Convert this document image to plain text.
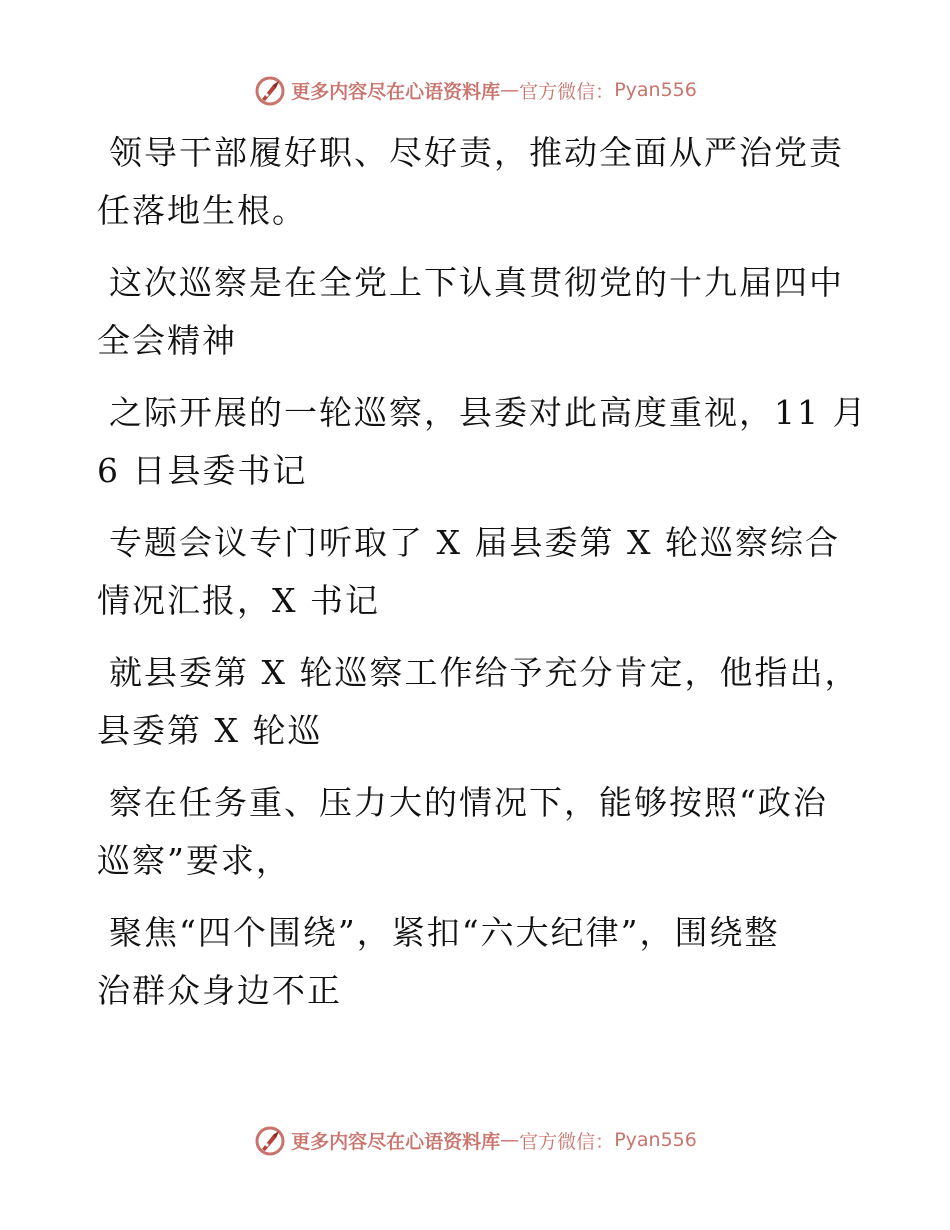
更多内容尽在心语资料库 — 官方微信： Pyan556

领导干部履好职、尽好责，推动全面从严治党责
任落地生根。

这次巡察是在全党上下认真贯彻党的十九届四中
全会精神

之际开展的一轮巡察，县委对此高度重视，11 月
6 日县委书记

专题会议专门听取了 X 届县委第 X 轮巡察综合
情况汇报，X 书记

就县委第 X 轮巡察工作给予充分肯定，他指出，
县委第 X 轮巡

察在任务重、压力大的情况下，能够按照“政治
巡察”要求，

聚焦“四个围绕”，紧扣“六大纪律”，围绕整
治群众身边不正

更多内容尽在心语资料库 — 官方微信： Pyan556
